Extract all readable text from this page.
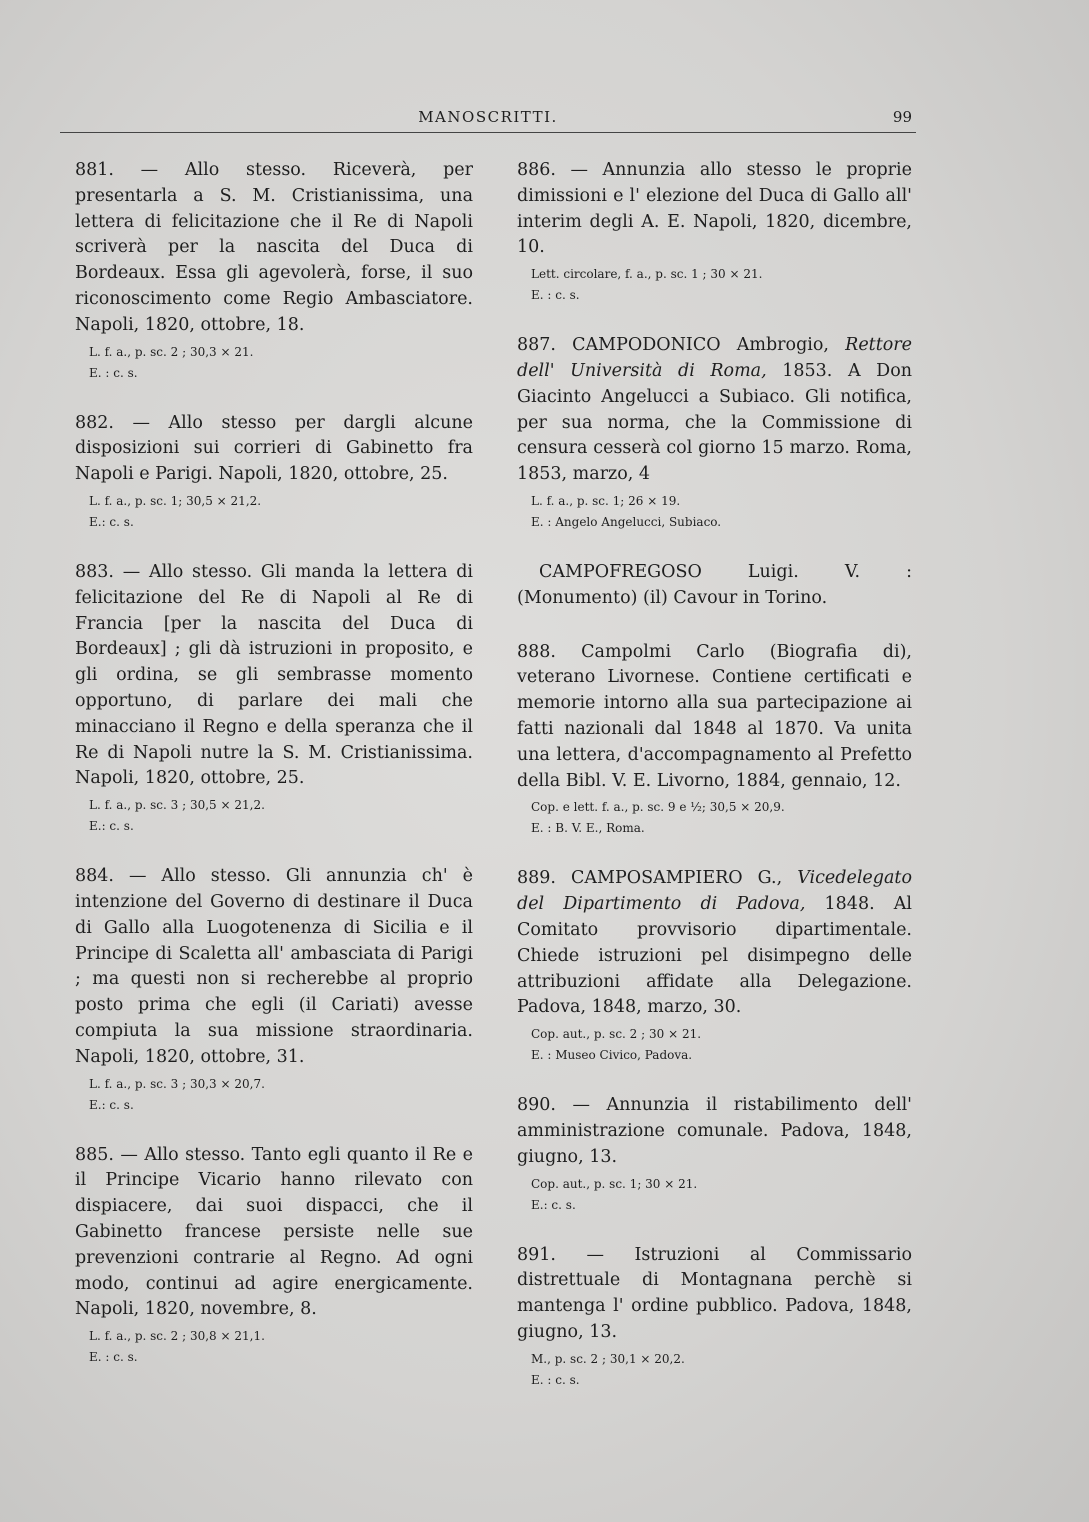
MANOSCRITTI.	99

881. — Allo stesso. Riceverà, per presentarla a S. M. Cristianissima, una lettera di felicitazione che il Re di Napoli scriverà per la nascita del Duca di Bordeaux. Essa gli agevolerà, forse, il suo riconoscimento come Regio Ambasciatore. Napoli, 1820, ottobre, 18.

L. f. a., p. sc. 2 ; 30,3 × 21.
E. : c. s.

882. — Allo stesso per dargli alcune disposizioni sui corrieri di Gabinetto fra Napoli e Parigi. Napoli, 1820, ottobre, 25.

L. f. a., p. sc. 1; 30,5 × 21,2.
E.: c. s.

883. — Allo stesso. Gli manda la lettera di felicitazione del Re di Napoli al Re di Francia [per la nascita del Duca di Bordeaux] ; gli dà istruzioni in proposito, e gli ordina, se gli sembrasse momento opportuno, di parlare dei mali che minacciano il Regno e della speranza che il Re di Napoli nutre la S. M. Cristianissima. Napoli, 1820, ottobre, 25.

L. f. a., p. sc. 3 ; 30,5 × 21,2.
E.: c. s.

884. — Allo stesso. Gli annunzia ch' è intenzione del Governo di destinare il Duca di Gallo alla Luogotenenza di Sicilia e il Principe di Scaletta all' ambasciata di Parigi ; ma questi non si recherebbe al proprio posto prima che egli (il Cariati) avesse compiuta la sua missione straordinaria. Napoli, 1820, ottobre, 31.

L. f. a., p. sc. 3 ; 30,3 × 20,7.
E.: c. s.

885. — Allo stesso. Tanto egli quanto il Re e il Principe Vicario hanno rilevato con dispiacere, dai suoi dispacci, che il Gabinetto francese persiste nelle sue prevenzioni contrarie al Regno. Ad ogni modo, continui ad agire energicamente. Napoli, 1820, novembre, 8.

L. f. a., p. sc. 2 ; 30,8 × 21,1.
E. : c. s.

886. — Annunzia allo stesso le proprie dimissioni e l' elezione del Duca di Gallo all' interim degli A. E. Napoli, 1820, dicembre, 10.

Lett. circolare, f. a., p. sc. 1 ; 30 × 21.
E. : c. s.

887. CAMPODONICO Ambrogio, Rettore dell' Università di Roma, 1853. A Don Giacinto Angelucci a Subiaco. Gli notifica, per sua norma, che la Commissione di censura cesserà col giorno 15 marzo. Roma, 1853, marzo, 4

L. f. a., p. sc. 1; 26 × 19.
E. : Angelo Angelucci, Subiaco.

CAMPOFREGOSO Luigi. V. : (Monumento) (il) Cavour in Torino.

888. Campolmi Carlo (Biografia di), veterano Livornese. Contiene certificati e memorie intorno alla sua partecipazione ai fatti nazionali dal 1848 al 1870. Va unita una lettera, d'accompagnamento al Prefetto della Bibl. V. E. Livorno, 1884, gennaio, 12.

Cop. e lett. f. a., p. sc. 9 e ½; 30,5 × 20,9.
E. : B. V. E., Roma.

889. CAMPOSAMPIERO G., Vicedelegato del Dipartimento di Padova, 1848. Al Comitato provvisorio dipartimentale. Chiede istruzioni pel disimpegno delle attribuzioni affidate alla Delegazione. Padova, 1848, marzo, 30.

Cop. aut., p. sc. 2 ; 30 × 21.
E. : Museo Civico, Padova.

890. — Annunzia il ristabilimento dell' amministrazione comunale. Padova, 1848, giugno, 13.

Cop. aut., p. sc. 1; 30 × 21.
E.: c. s.

891. — Istruzioni al Commissario distrettuale di Montagnana perchè si mantenga l' ordine pubblico. Padova, 1848, giugno, 13.

M., p. sc. 2 ; 30,1 × 20,2.
E. : c. s.
